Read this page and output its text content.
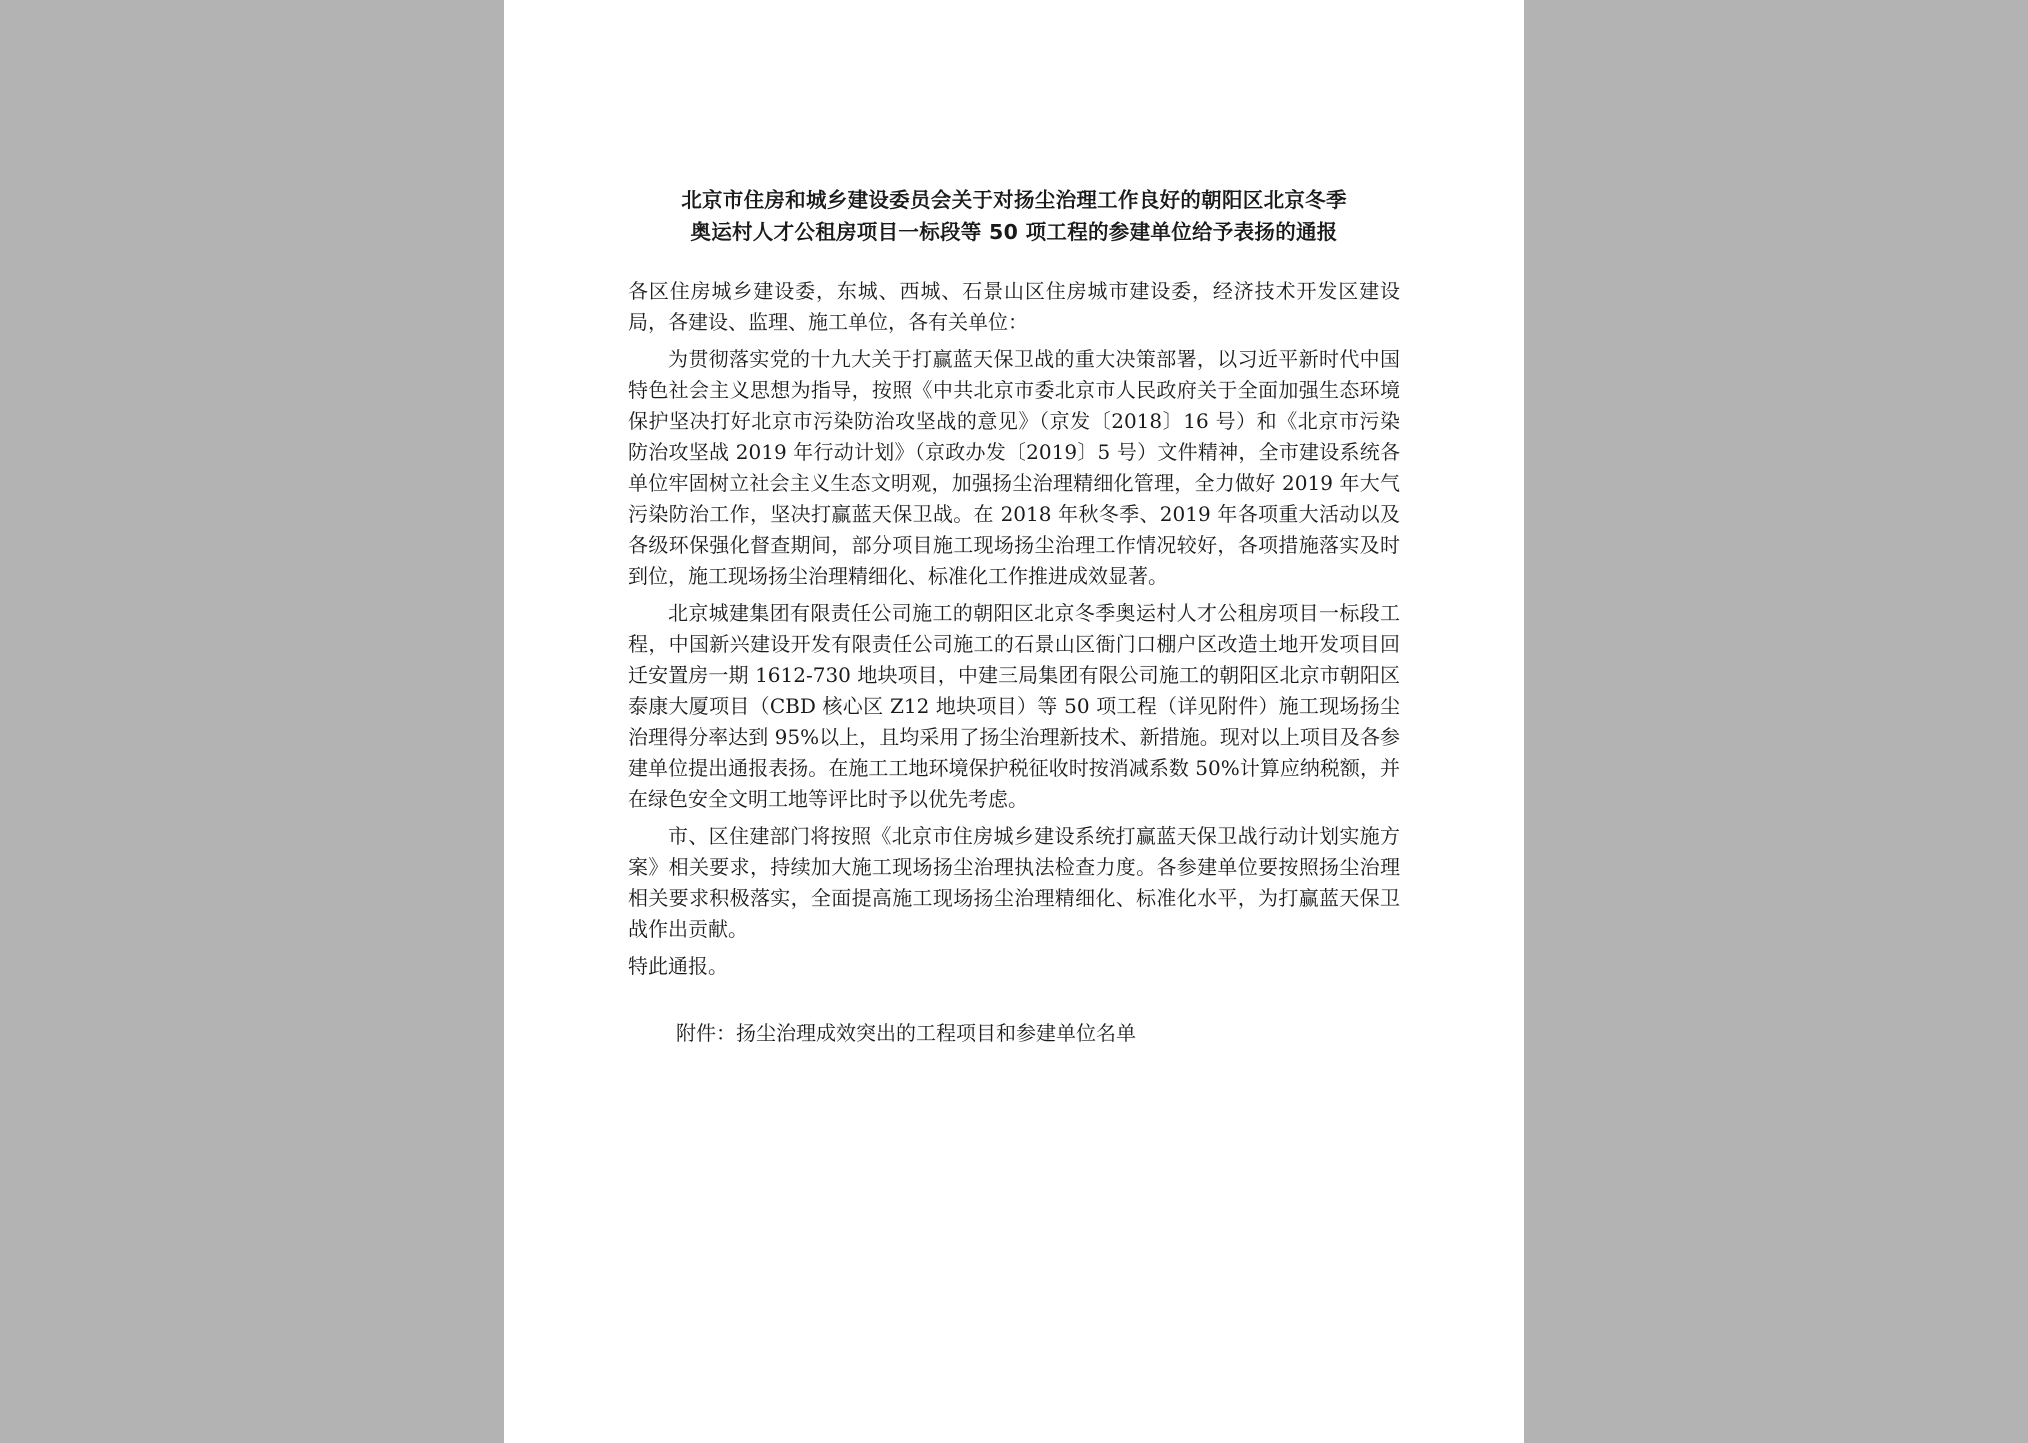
北京市住房和城乡建设委员会关于对扬尘治理工作良好的朝阳区北京冬季
奥运村人才公租房项目一标段等 50 项工程的参建单位给予表扬的通报

各区住房城乡建设委，东城、西城、石景山区住房城市建设委，经济技术开发区建设局，各建设、监理、施工单位，各有关单位：

为贯彻落实党的十九大关于打赢蓝天保卫战的重大决策部署，以习近平新时代中国特色社会主义思想为指导，按照《中共北京市委北京市人民政府关于全面加强生态环境保护坚决打好北京市污染防治攻坚战的意见》（京发〔2018〕16 号）和《北京市污染防治攻坚战 2019 年行动计划》（京政办发〔2019〕5 号）文件精神，全市建设系统各单位牢固树立社会主义生态文明观，加强扬尘治理精细化管理，全力做好 2019 年大气污染防治工作，坚决打赢蓝天保卫战。在 2018 年秋冬季、2019 年各项重大活动以及各级环保强化督查期间，部分项目施工现场扬尘治理工作情况较好，各项措施落实及时到位，施工现场扬尘治理精细化、标准化工作推进成效显著。

北京城建集团有限责任公司施工的朝阳区北京冬季奥运村人才公租房项目一标段工程，中国新兴建设开发有限责任公司施工的石景山区衙门口棚户区改造土地开发项目回迁安置房一期 1612-730 地块项目，中建三局集团有限公司施工的朝阳区北京市朝阳区泰康大厦项目（CBD 核心区 Z12 地块项目）等 50 项工程（详见附件）施工现场扬尘治理得分率达到 95%以上，且均采用了扬尘治理新技术、新措施。现对以上项目及各参建单位提出通报表扬。在施工工地环境保护税征收时按消减系数 50%计算应纳税额，并在绿色安全文明工地等评比时予以优先考虑。

市、区住建部门将按照《北京市住房城乡建设系统打赢蓝天保卫战行动计划实施方案》相关要求，持续加大施工现场扬尘治理执法检查力度。各参建单位要按照扬尘治理相关要求积极落实，全面提高施工现场扬尘治理精细化、标准化水平，为打赢蓝天保卫战作出贡献。

特此通报。

附件：扬尘治理成效突出的工程项目和参建单位名单
